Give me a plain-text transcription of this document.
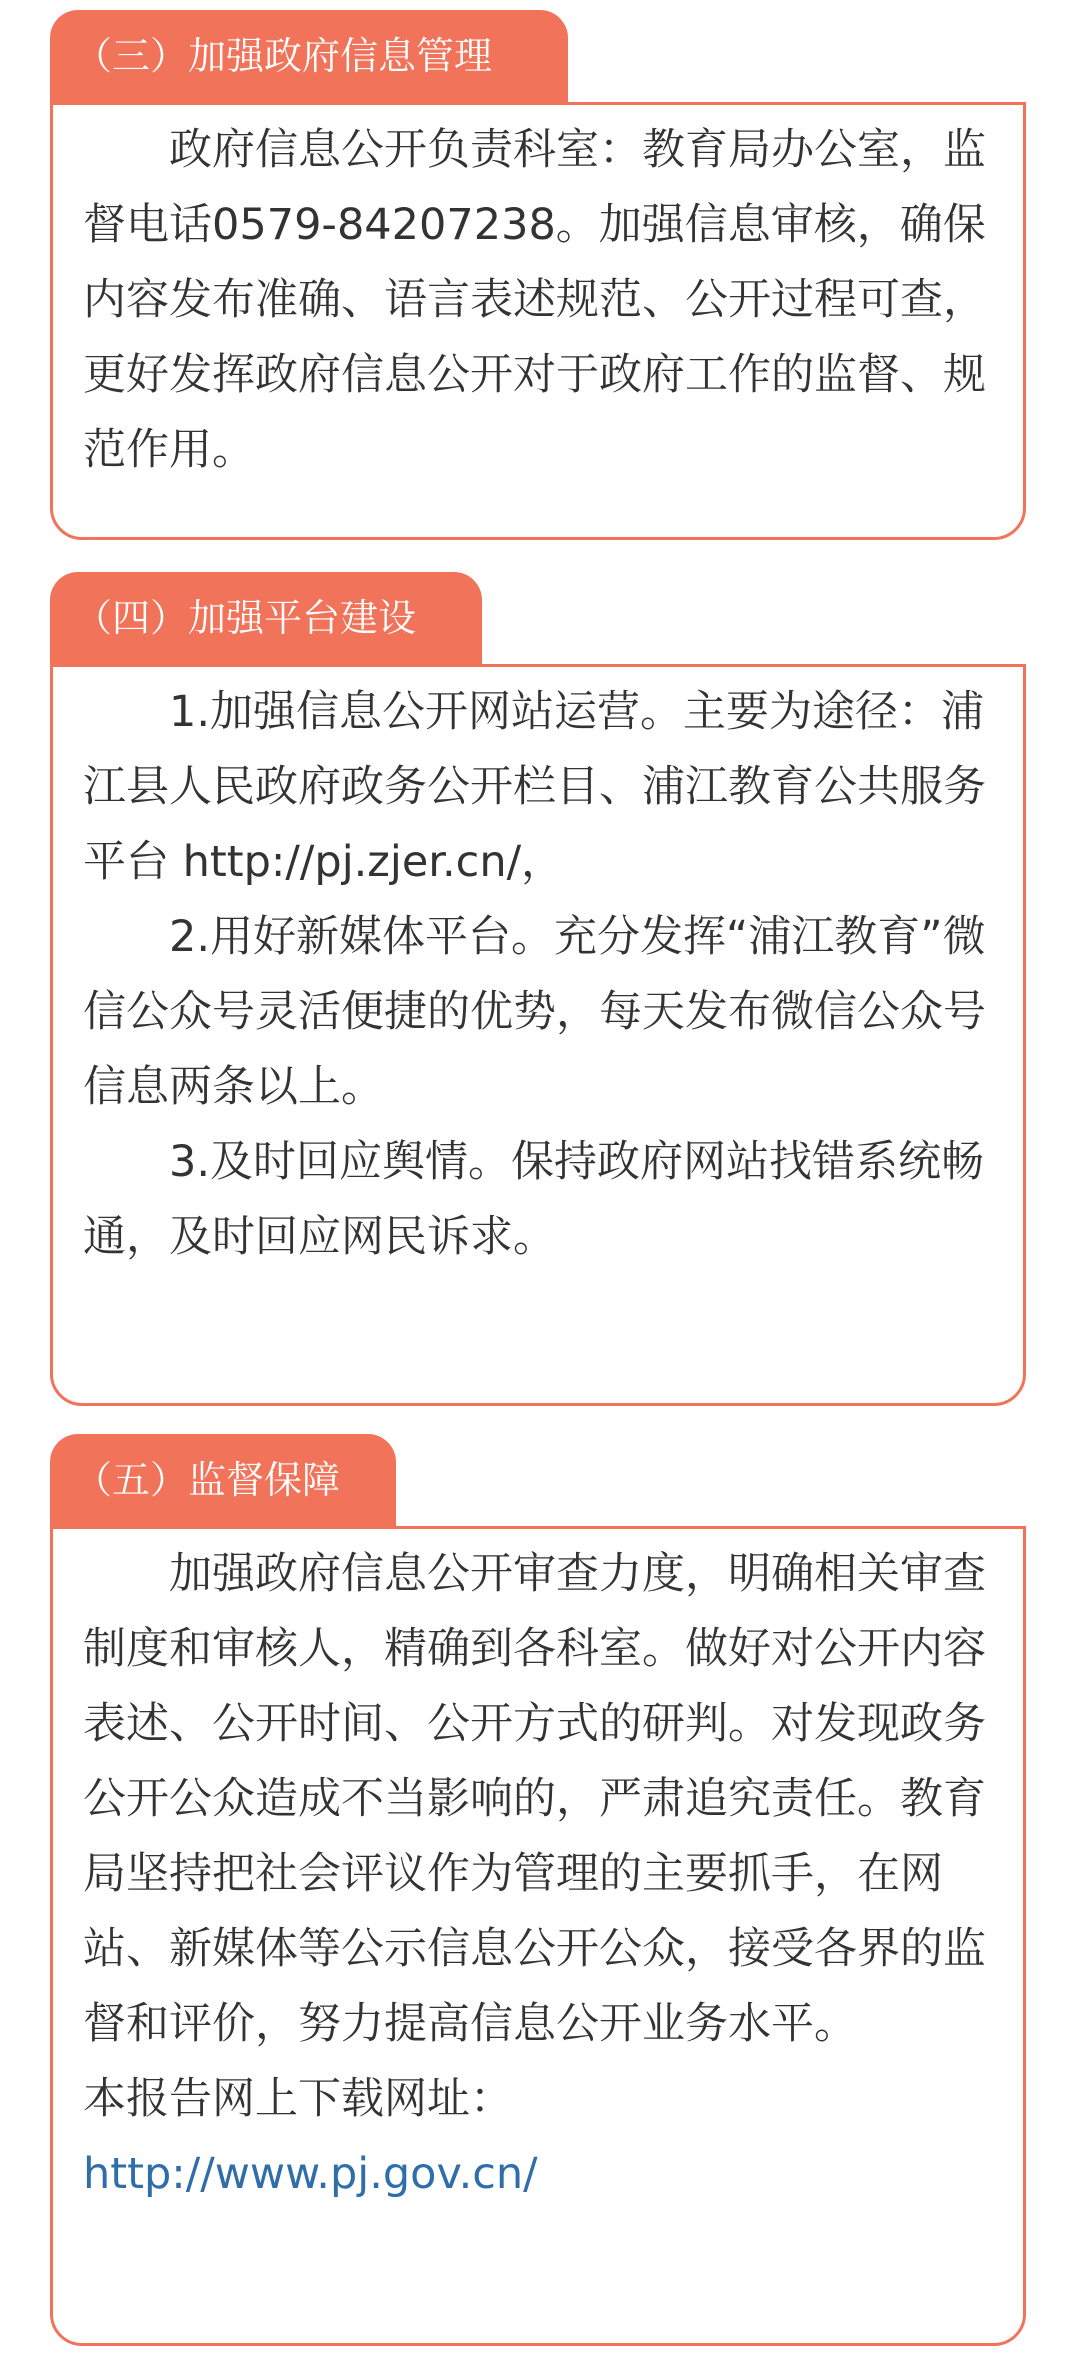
（三）加强政府信息管理

政府信息公开负责科室：教育局办公室，监督电话0579-84207238。加强信息审核，确保内容发布准确、语言表述规范、公开过程可查，更好发挥政府信息公开对于政府工作的监督、规范作用。

（四）加强平台建设

1.加强信息公开网站运营。主要为途径：浦江县人民政府政务公开栏目、浦江教育公共服务平台 http://pj.zjer.cn/，

2.用好新媒体平台。充分发挥“浦江教育”微信公众号灵活便捷的优势，每天发布微信公众号信息两条以上。

3.及时回应舆情。保持政府网站找错系统畅通，及时回应网民诉求。

（五）监督保障

加强政府信息公开审查力度，明确相关审查制度和审核人，精确到各科室。做好对公开内容表述、公开时间、公开方式的研判。对发现政务公开公众造成不当影响的，严肃追究责任。教育局坚持把社会评议作为管理的主要抓手，在网站、新媒体等公示信息公开公众，接受各界的监督和评价，努力提高信息公开业务水平。

本报告网上下载网址：

http://www.pj.gov.cn/
